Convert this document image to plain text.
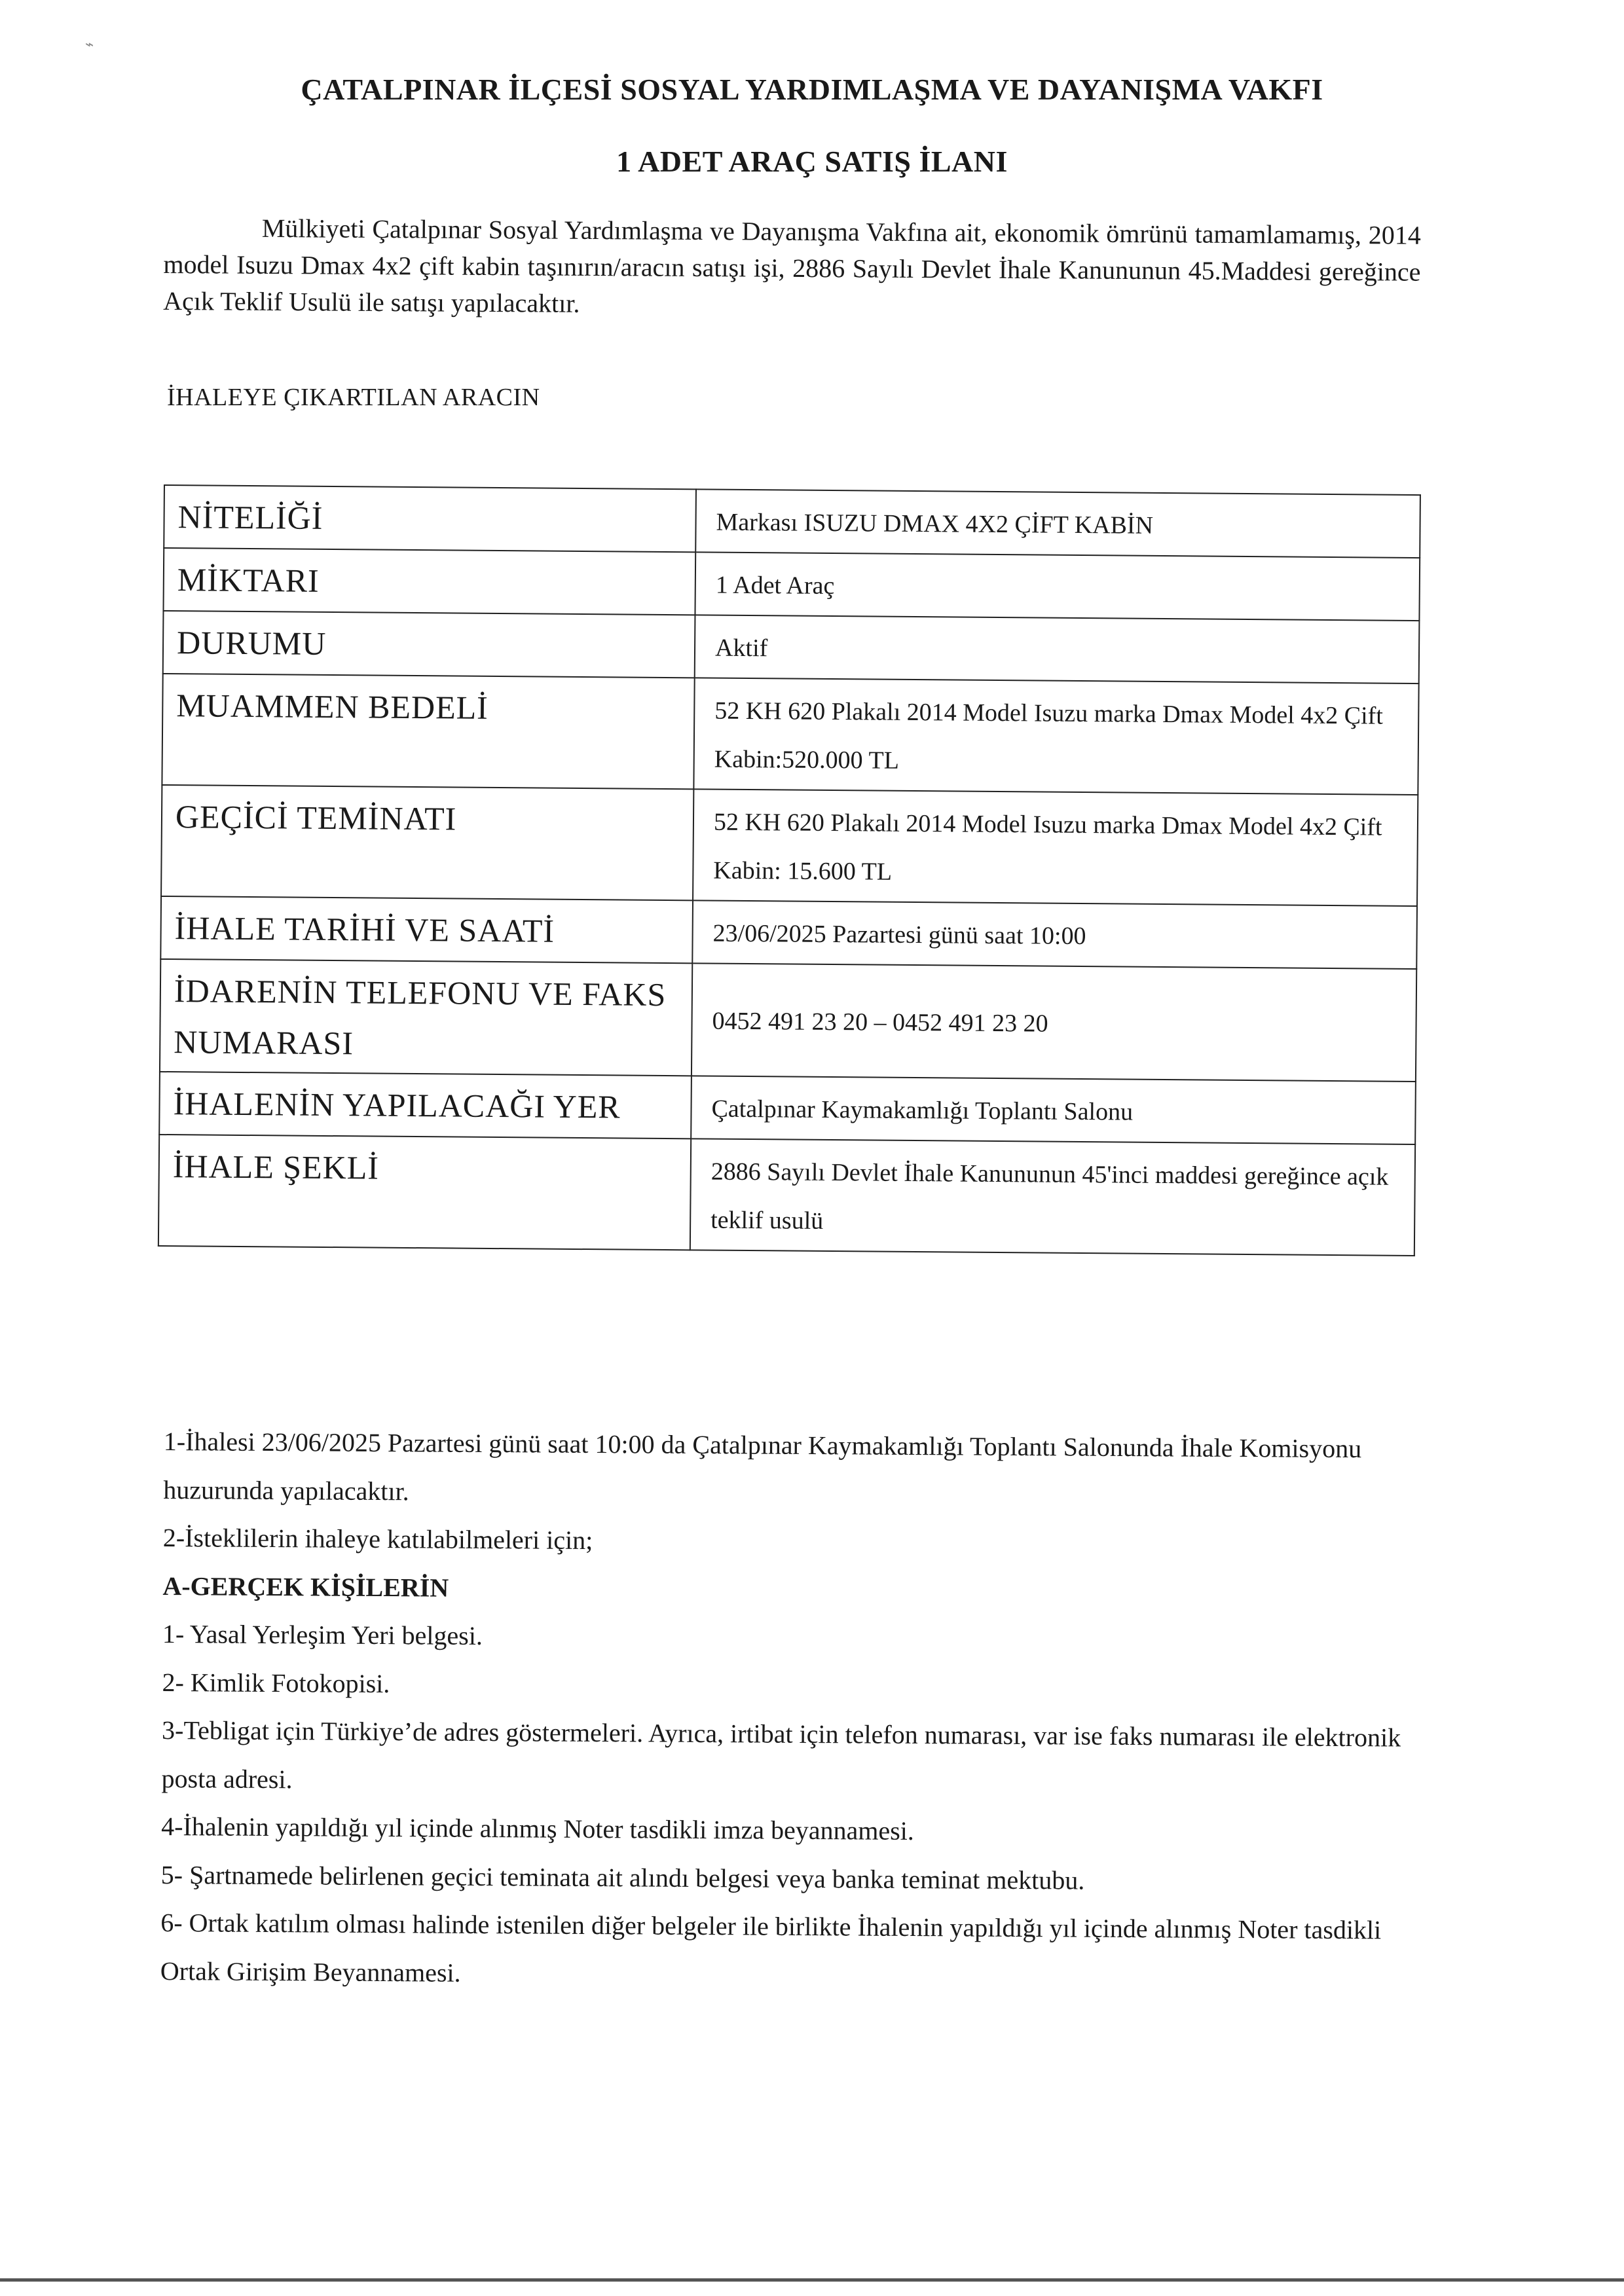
⌁
ÇATALPINAR İLÇESİ SOSYAL YARDIMLAŞMA VE DAYANIŞMA VAKFI
1 ADET ARAÇ SATIŞ İLANI
Mülkiyeti Çatalpınar Sosyal Yardımlaşma ve Dayanışma Vakfına ait, ekonomik ömrünü tamamlamamış, 2014 model Isuzu Dmax 4x2 çift kabin taşınırın/aracın satışı işi, 2886 Sayılı Devlet İhale Kanununun 45.Maddesi gereğince Açık Teklif Usulü ile satışı yapılacaktır.
İHALEYE ÇIKARTILAN ARACIN
NİTELİĞİ	Markası ISUZU DMAX 4X2 ÇİFT KABİN
MİKTARI	1 Adet Araç
DURUMU	Aktif
MUAMMEN BEDELİ	52 KH 620 Plakalı 2014 Model Isuzu marka Dmax Model 4x2 Çift Kabin:520.000 TL
GEÇİCİ TEMİNATI	52 KH 620 Plakalı 2014 Model Isuzu marka Dmax Model 4x2 Çift Kabin: 15.600 TL
İHALE TARİHİ VE SAATİ	23/06/2025 Pazartesi günü saat 10:00
İDARENİN TELEFONU VE FAKS NUMARASI	0452 491 23 20 – 0452 491 23 20
İHALENİN YAPILACAĞI YER	Çatalpınar Kaymakamlığı Toplantı Salonu
İHALE ŞEKLİ	2886 Sayılı Devlet İhale Kanununun 45'inci maddesi gereğince açık teklif usulü

1-İhalesi 23/06/2025 Pazartesi günü saat 10:00 da Çatalpınar Kaymakamlığı Toplantı Salonunda İhale Komisyonu huzurunda yapılacaktır.

2-İsteklilerin ihaleye katılabilmeleri için;

A-GERÇEK KİŞİLERİN

1- Yasal Yerleşim Yeri belgesi.

2- Kimlik Fotokopisi.

3-Tebligat için Türkiye’de adres göstermeleri. Ayrıca, irtibat için telefon numarası, var ise faks numarası ile elektronik posta adresi.

4-İhalenin yapıldığı yıl içinde alınmış Noter tasdikli imza beyannamesi.

5- Şartnamede belirlenen geçici teminata ait alındı belgesi veya banka teminat mektubu.

6- Ortak katılım olması halinde istenilen diğer belgeler ile birlikte İhalenin yapıldığı yıl içinde alınmış Noter tasdikli Ortak Girişim Beyannamesi.
